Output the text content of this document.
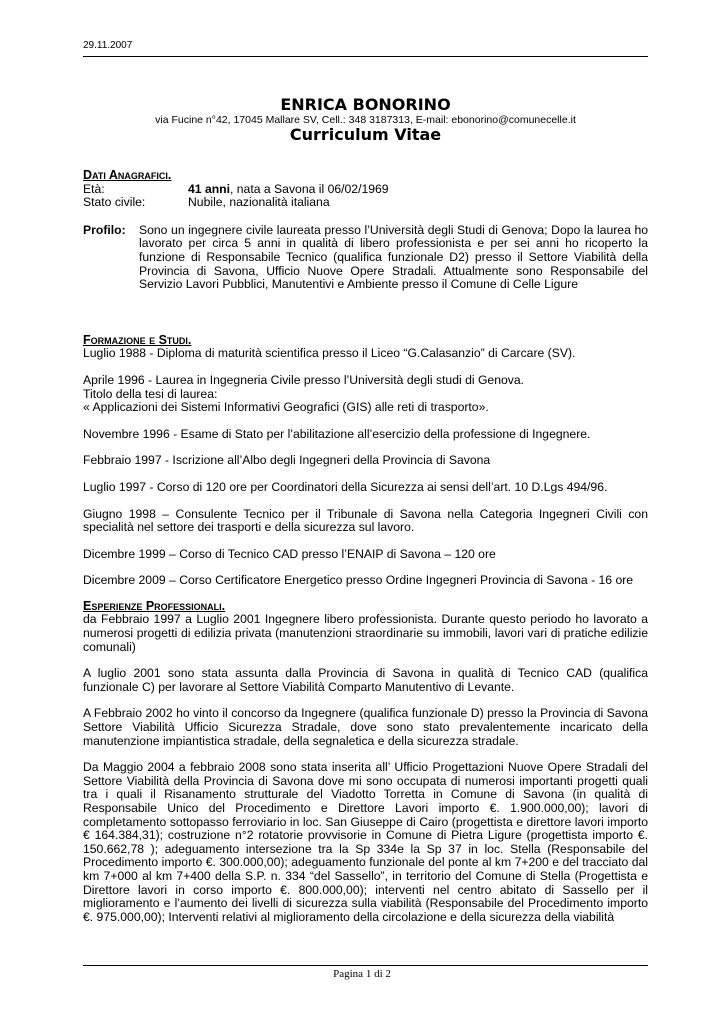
29.11.2007
ENRICA BONORINO
via Fucine n°42, 17045 Mallare SV, Cell.: 348 3187313, E-mail: ebonorino@comunecelle.it
Curriculum Vitae
Dati Anagrafici.
Età:	41 anni, nata a Savona il 06/02/1969
Stato civile:	Nubile, nazionalità italiana
Profilo:	Sono un ingegnere civile laureata presso l’Università degli Studi di Genova; Dopo la laurea ho lavorato per circa 5 anni in qualità di libero professionista e per sei anni ho ricoperto la funzione di Responsabile Tecnico (qualifica funzionale D2) presso il Settore Viabilità della Provincia di Savona, Ufficio Nuove Opere Stradali. Attualmente sono Responsabile del Servizio Lavori Pubblici, Manutentivi e Ambiente presso il Comune di Celle Ligure
Formazione e Studi.

Luglio 1988 - Diploma di maturità scientifica presso il Liceo “G.Calasanzio” di Carcare (SV).

Aprile 1996 - Laurea in Ingegneria Civile presso l’Università degli studi di Genova.

Titolo della tesi di laurea:

« Applicazioni dei Sistemi Informativi Geografici (GIS) alle reti di trasporto».

Novembre 1996 - Esame di Stato per l’abilitazione all’esercizio della professione di Ingegnere.

Febbraio 1997 - Iscrizione all’Albo degli Ingegneri della Provincia di Savona

Luglio 1997 - Corso di 120 ore per Coordinatori della Sicurezza ai sensi dell’art. 10 D.Lgs 494/96.

Giugno 1998 – Consulente Tecnico per il Tribunale di Savona nella Categoria Ingegneri Civili con specialità nel settore dei trasporti e della sicurezza sul lavoro.

Dicembre 1999 – Corso di Tecnico CAD presso l’ENAIP di Savona – 120 ore

Dicembre 2009 – Corso Certificatore Energetico presso Ordine Ingegneri Provincia di Savona - 16 ore

Esperienze Professionali.

da Febbraio 1997 a Luglio 2001 Ingegnere libero professionista. Durante questo periodo ho lavorato a numerosi progetti di edilizia privata (manutenzioni straordinarie su immobili, lavori vari di pratiche edilizie comunali)

A luglio 2001 sono stata assunta dalla Provincia di Savona in qualità di Tecnico CAD (qualifica funzionale C) per lavorare al Settore Viabilità Comparto Manutentivo di Levante.

A Febbraio 2002 ho vinto il concorso da Ingegnere (qualifica funzionale D) presso la Provincia di Savona Settore Viabilità Ufficio Sicurezza Stradale, dove sono stato prevalentemente incaricato della manutenzione impiantistica stradale, della segnaletica e della sicurezza stradale.

Da Maggio 2004 a febbraio 2008 sono stata inserita all’ Ufficio Progettazioni Nuove Opere Stradali del Settore Viabilità della Provincia di Savona dove mi sono occupata di numerosi importanti progetti quali tra i quali il Risanamento strutturale del Viadotto Torretta in Comune di Savona (in qualità di Responsabile Unico del Procedimento e Direttore Lavori importo €. 1.900.000,00); lavori di completamento sottopasso ferroviario in loc. San Giuseppe di Cairo (progettista e direttore lavori importo € 164.384,31); costruzione n°2 rotatorie provvisorie in Comune di Pietra Ligure (progettista importo €. 150.662,78 ); adeguamento intersezione tra la Sp 334e la Sp 37 in loc. Stella (Responsabile del Procedimento importo €. 300.000,00); adeguamento funzionale del ponte al km 7+200 e del tracciato dal km 7+000 al km 7+400 della S.P. n. 334 “del Sassello”, in territorio del Comune di Stella (Progettista e Direttore lavori in corso importo €. 800.000,00); interventi nel centro abitato di Sassello per il miglioramento e l’aumento dei livelli di sicurezza sulla viabilità (Responsabile del Procedimento importo €. 975.000,00); Interventi relativi al miglioramento della circolazione e della sicurezza della viabilità

Pagina 1 di 2
